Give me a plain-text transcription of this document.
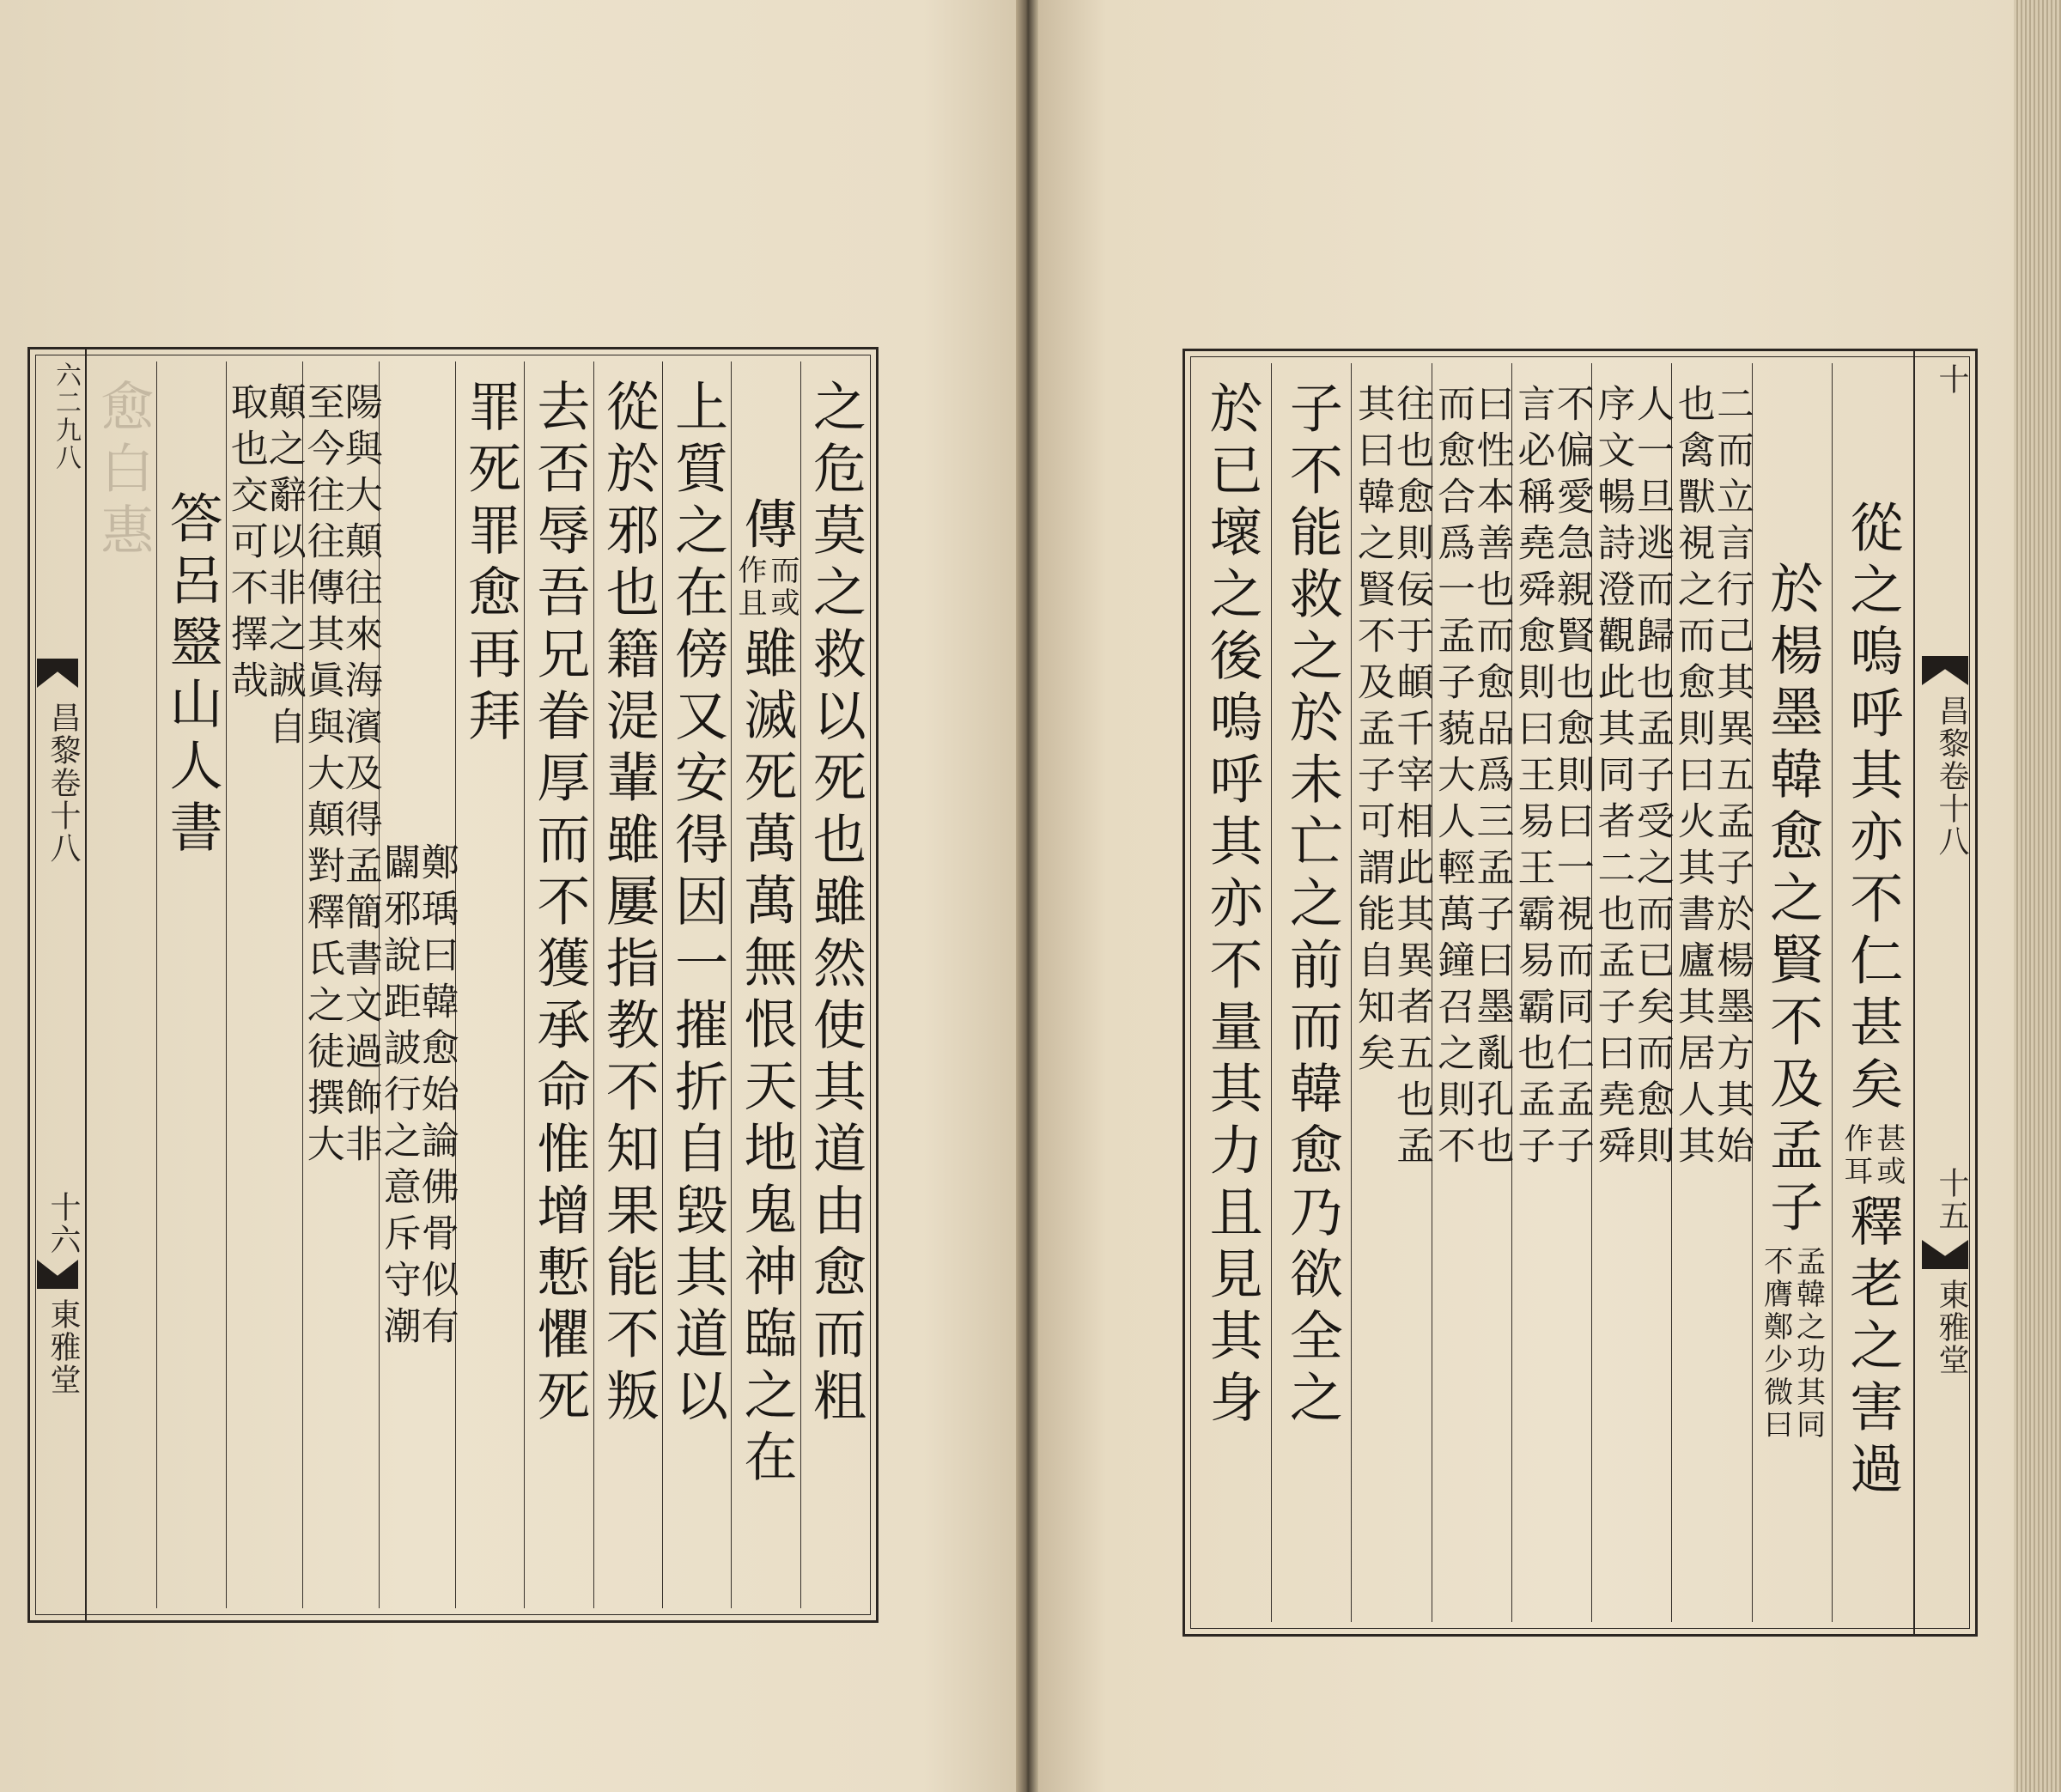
六二九八
昌黎卷十八
十六
東雅堂	之危莫之救以死也雖然使其道由愈而粗
傳
而或
作且
雖滅死萬萬無恨天地鬼神臨之在
上質之在傍又安得因一摧折自毀其道以
從於邪也籍湜輩雖屢指教不知果能不叛
去否辱吾兄眷厚而不獲承命惟增慙懼死
罪死罪愈再拜
鄭瑀曰韓愈始論佛骨似有
闢邪說距詖行之意斥守潮
陽與大顛往來海濱及得孟簡書文過飾非
至今往往傳其眞與大顛對釋氏之徒撰大
顛之辭以非之誠自
取也交可不擇哉
答呂毉山人書
愈白惠	十
昌黎卷十八
十五
東雅堂
從之嗚呼其亦不仁甚矣
甚或
作耳
釋老之害過
於楊墨韓愈之賢不及孟子
孟韓之功其同
不膺鄭少微曰
二而立言行己其異五孟子於楊墨方其始
也禽獸視之而愈則曰火其書廬其居人其
人一旦逃而歸也孟子受之而已矣而愈則
序文暢詩澄觀此其同者二也孟子曰堯舜
不偏愛急親賢也愈則曰一視而同仁孟子
言必稱堯舜愈則曰王易王霸易霸也孟子
曰性本善也而愈品爲三孟子曰墨亂孔也
而愈合爲一孟子藐大人輕萬鐘召之則不
往也愈則佞于頔千宰相此其異者五也孟
其曰韓之賢不及孟子可謂能自知矣
子不能救之於未亡之前而韓愈乃欲全之
於已壞之後嗚呼其亦不量其力且見其身
